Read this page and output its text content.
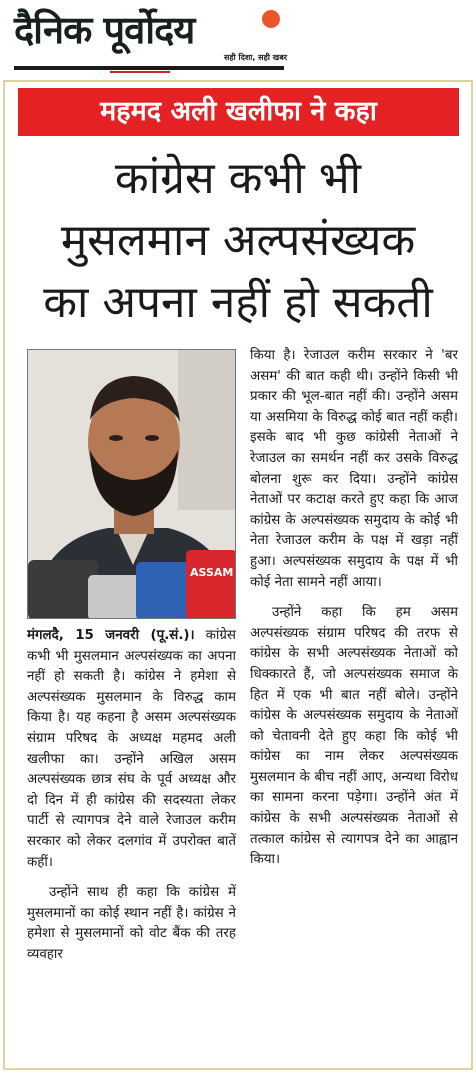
दैनिक पूर्वोदय
सही दिशा, सही खबर
महमद अली खलीफा ने कहा
कांग्रेस कभी भी
मुसलमान अल्पसंख्यक
का अपना नहीं हो सकती
ASSAM

मंगलदै, 15 जनवरी (पू.सं.)। कांग्रेस कभी भी मुसलमान अल्पसंख्यक का अपना नहीं हो सकती है। कांग्रेस ने हमेशा से अल्पसंख्यक मुसलमान के विरुद्ध काम किया है। यह कहना है असम अल्पसंख्यक संग्राम परिषद के अध्यक्ष महमद अली खलीफा का। उन्होंने अखिल असम अल्पसंख्यक छात्र संघ के पूर्व अध्यक्ष और दो दिन में ही कांग्रेस की सदस्यता लेकर पार्टी से त्यागपत्र देने वाले रेजाउल करीम सरकार को लेकर दलगांव में उपरोक्त बातें कहीं।

उन्होंने साथ ही कहा कि कांग्रेस में मुसलमानों का कोई स्थान नहीं है। कांग्रेस ने हमेशा से मुसलमानों को वोट बैंक की तरह व्यवहार

किया है। रेजाउल करीम सरकार ने 'बर असम' की बात कही थी। उन्होंने किसी भी प्रकार की भूल-बात नहीं की। उन्होंने असम या असमिया के विरुद्ध कोई बात नहीं कही। इसके बाद भी कुछ कांग्रेसी नेताओं ने रेजाउल का समर्थन नहीं कर उसके विरुद्ध बोलना शुरू कर दिया। उन्होंने कांग्रेस नेताओं पर कटाक्ष करते हुए कहा कि आज कांग्रेस के अल्पसंख्यक समुदाय के कोई भी नेता रेजाउल करीम के पक्ष में खड़ा नहीं हुआ। अल्पसंख्यक समुदाय के पक्ष में भी कोई नेता सामने नहीं आया।

उन्होंने कहा कि हम असम अल्पसंख्यक संग्राम परिषद की तरफ से कांग्रेस के सभी अल्पसंख्यक नेताओं को धिक्कारते हैं, जो अल्पसंख्यक समाज के हित में एक भी बात नहीं बोले। उन्होंने कांग्रेस के अल्पसंख्यक समुदाय के नेताओं को चेतावनी देते हुए कहा कि कोई भी कांग्रेस का नाम लेकर अल्पसंख्यक मुसलमान के बीच नहीं आए, अन्यथा विरोध का सामना करना पड़ेगा। उन्होंने अंत में कांग्रेस के सभी अल्पसंख्यक नेताओं से तत्काल कांग्रेस से त्यागपत्र देने का आह्वान किया।
